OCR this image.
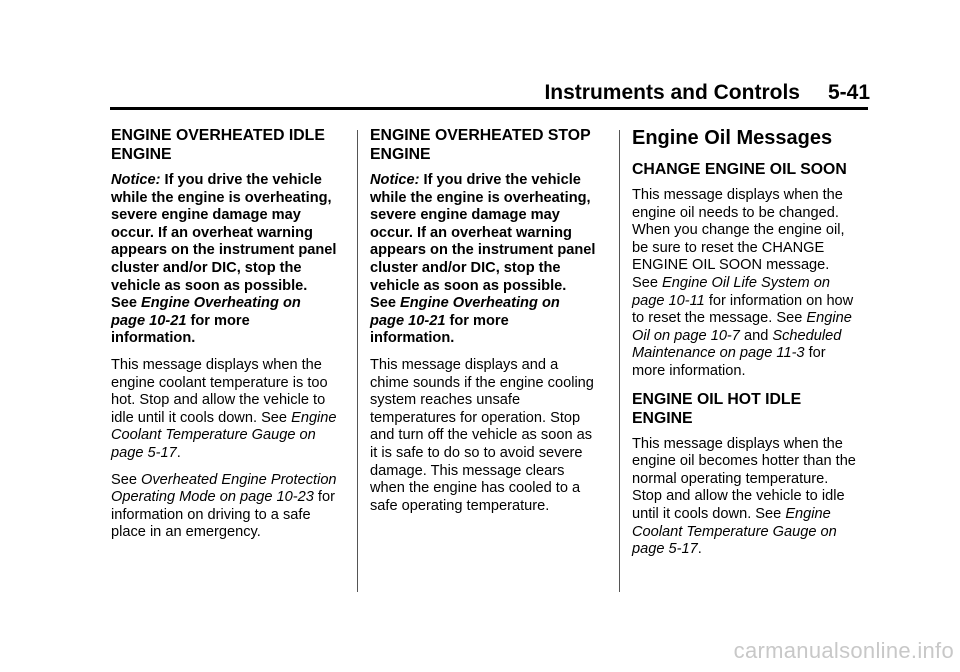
Instruments and Controls 5-41
ENGINE OVERHEATED IDLE ENGINE

Notice: If you drive the vehicle while the engine is overheating, severe engine damage may occur. If an overheat warning appears on the instrument panel cluster and/or DIC, stop the vehicle as soon as possible. See Engine Overheating on page 10-21 for more information.

This message displays when the engine coolant temperature is too hot. Stop and allow the vehicle to idle until it cools down. See Engine Coolant Temperature Gauge on page 5-17.

See Overheated Engine Protection Operating Mode on page 10-23 for information on driving to a safe place in an emergency.

ENGINE OVERHEATED STOP ENGINE

Notice: If you drive the vehicle while the engine is overheating, severe engine damage may occur. If an overheat warning appears on the instrument panel cluster and/or DIC, stop the vehicle as soon as possible. See Engine Overheating on page 10-21 for more information.

This message displays and a chime sounds if the engine cooling system reaches unsafe temperatures for operation. Stop and turn off the vehicle as soon as it is safe to do so to avoid severe damage. This message clears when the engine has cooled to a safe operating temperature.

Engine Oil Messages
CHANGE ENGINE OIL SOON

This message displays when the engine oil needs to be changed. When you change the engine oil, be sure to reset the CHANGE ENGINE OIL SOON message. See Engine Oil Life System on page 10-11 for information on how to reset the message. See Engine Oil on page 10-7 and Scheduled Maintenance on page 11-3 for more information.

ENGINE OIL HOT IDLE ENGINE

This message displays when the engine oil becomes hotter than the normal operating temperature. Stop and allow the vehicle to idle until it cools down. See Engine Coolant Temperature Gauge on page 5-17.

carmanualsonline.info
